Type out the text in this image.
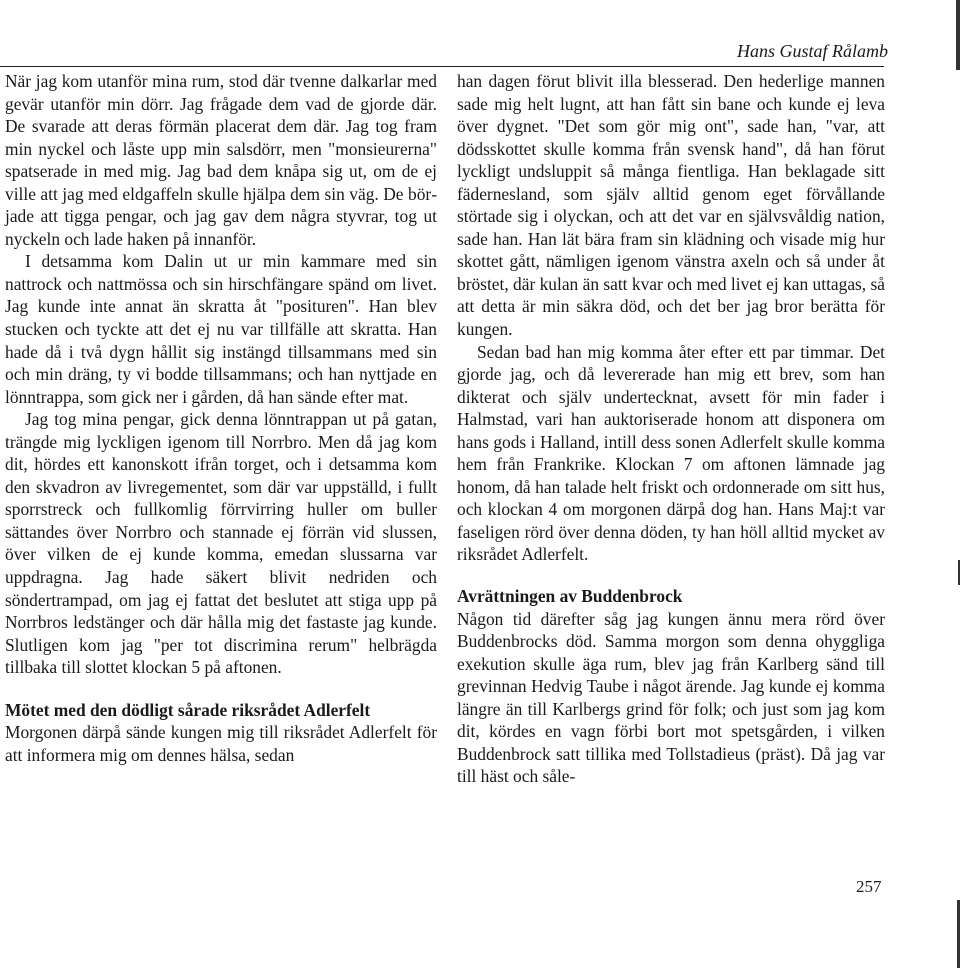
Hans Gustaf Rålamb

När jag kom utanför mina rum, stod där tvenne dalkarlar med gevär utanför min dörr. Jag frågade dem vad de gjorde där. De svarade att deras förmän placerat dem där. Jag tog fram min nyckel och låste upp min salsdörr, men "monsieurerna" spatserade in med mig. Jag bad dem knåpa sig ut, om de ej ville att jag med eldgaffeln skulle hjälpa dem sin väg. De började att tigga pengar, och jag gav dem några styvrar, tog ut nyckeln och lade haken på innanför.

I detsamma kom Dalin ut ur min kammare med sin nattrock och nattmössa och sin hirschfängare spänd om livet. Jag kunde inte annat än skratta åt "posituren". Han blev stucken och tyckte att det ej nu var tillfälle att skratta. Han hade då i två dygn hållit sig instängd tillsammans med sin och min dräng, ty vi bodde tillsammans; och han nyttjade en lönntrappa, som gick ner i gården, då han sände efter mat.

Jag tog mina pengar, gick denna lönntrappan ut på gatan, trängde mig lyckligen igenom till Norrbro. Men då jag kom dit, hördes ett kanonskott ifrån torget, och i detsamma kom den skvadron av livregementet, som där var uppställd, i fullt sporrstreck och fullkomlig förrvirring huller om buller sättandes över Norrbro och stannade ej förrän vid slussen, över vilken de ej kunde komma, emedan slussarna var uppdragna. Jag hade säkert blivit nedriden och söndertrampad, om jag ej fattat det beslutet att stiga upp på Norrbros ledstänger och där hålla mig det fastaste jag kunde. Slutligen kom jag "per tot discrimina rerum" helbrägda tillbaka till slottet klockan 5 på aftonen.

Mötet med den dödligt sårade riksrådet Adlerfelt

Morgonen därpå sände kungen mig till riksrådet Adlerfelt för att informera mig om dennes hälsa, sedan

han dagen förut blivit illa blesserad. Den hederlige mannen sade mig helt lugnt, att han fått sin bane och kunde ej leva över dygnet. "Det som gör mig ont", sade han, "var, att dödsskottet skulle komma från svensk hand", då han förut lyckligt undsluppit så många fientliga. Han beklagade sitt fädernesland, som själv alltid genom eget förvållande störtade sig i olyckan, och att det var en självsvåldig nation, sade han. Han lät bära fram sin klädning och visade mig hur skottet gått, nämligen igenom vänstra axeln och så under åt bröstet, där kulan än satt kvar och med livet ej kan uttagas, så att detta är min säkra död, och det ber jag bror berätta för kungen.

Sedan bad han mig komma åter efter ett par timmar. Det gjorde jag, och då levererade han mig ett brev, som han dikterat och själv undertecknat, avsett för min fader i Halmstad, vari han auktoriserade honom att disponera om hans gods i Halland, intill dess sonen Adlerfelt skulle komma hem från Frankrike. Klockan 7 om aftonen lämnade jag honom, då han talade helt friskt och ordonnerade om sitt hus, och klockan 4 om morgonen därpå dog han. Hans Maj:t var faseligen rörd över denna döden, ty han höll alltid mycket av riksrådet Adlerfelt.

Avrättningen av Buddenbrock

Någon tid därefter såg jag kungen ännu mera rörd över Buddenbrocks död. Samma morgon som denna ohyggliga exekution skulle äga rum, blev jag från Karlberg sänd till grevinnan Hedvig Taube i något ärende. Jag kunde ej komma längre än till Karlbergs grind för folk; och just som jag kom dit, kördes en vagn förbi bort mot spetsgården, i vilken Buddenbrock satt tillika med Tollstadieus (präst). Då jag var till häst och såle-

257
